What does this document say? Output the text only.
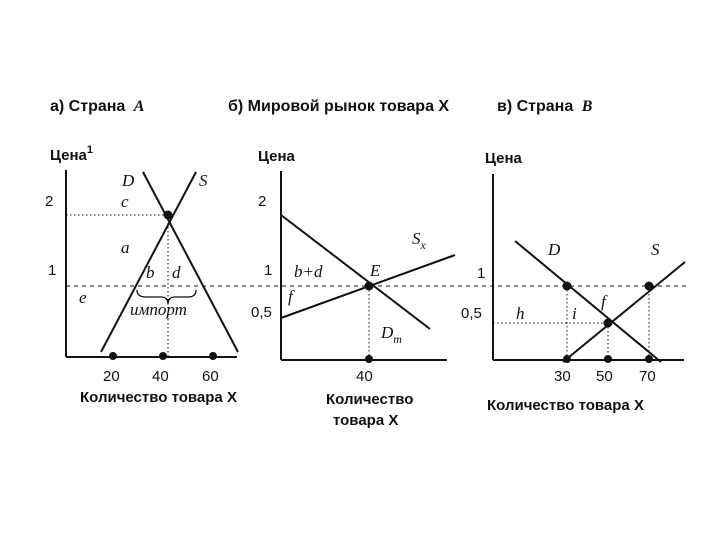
а) Страна A
Цена$^1$
2
1
20 40 60
D	S
c
a
b d
e
импорт
Количество товара X
б) Мировой рынок товара X
Цена
2
1
0,5
40
$S_x$
$D_m$
E
b+d
f
Количество
товара X
в) Страна B
Цена
1
0,5
30 50 70
D	S
h	i
f
Количество товара X
